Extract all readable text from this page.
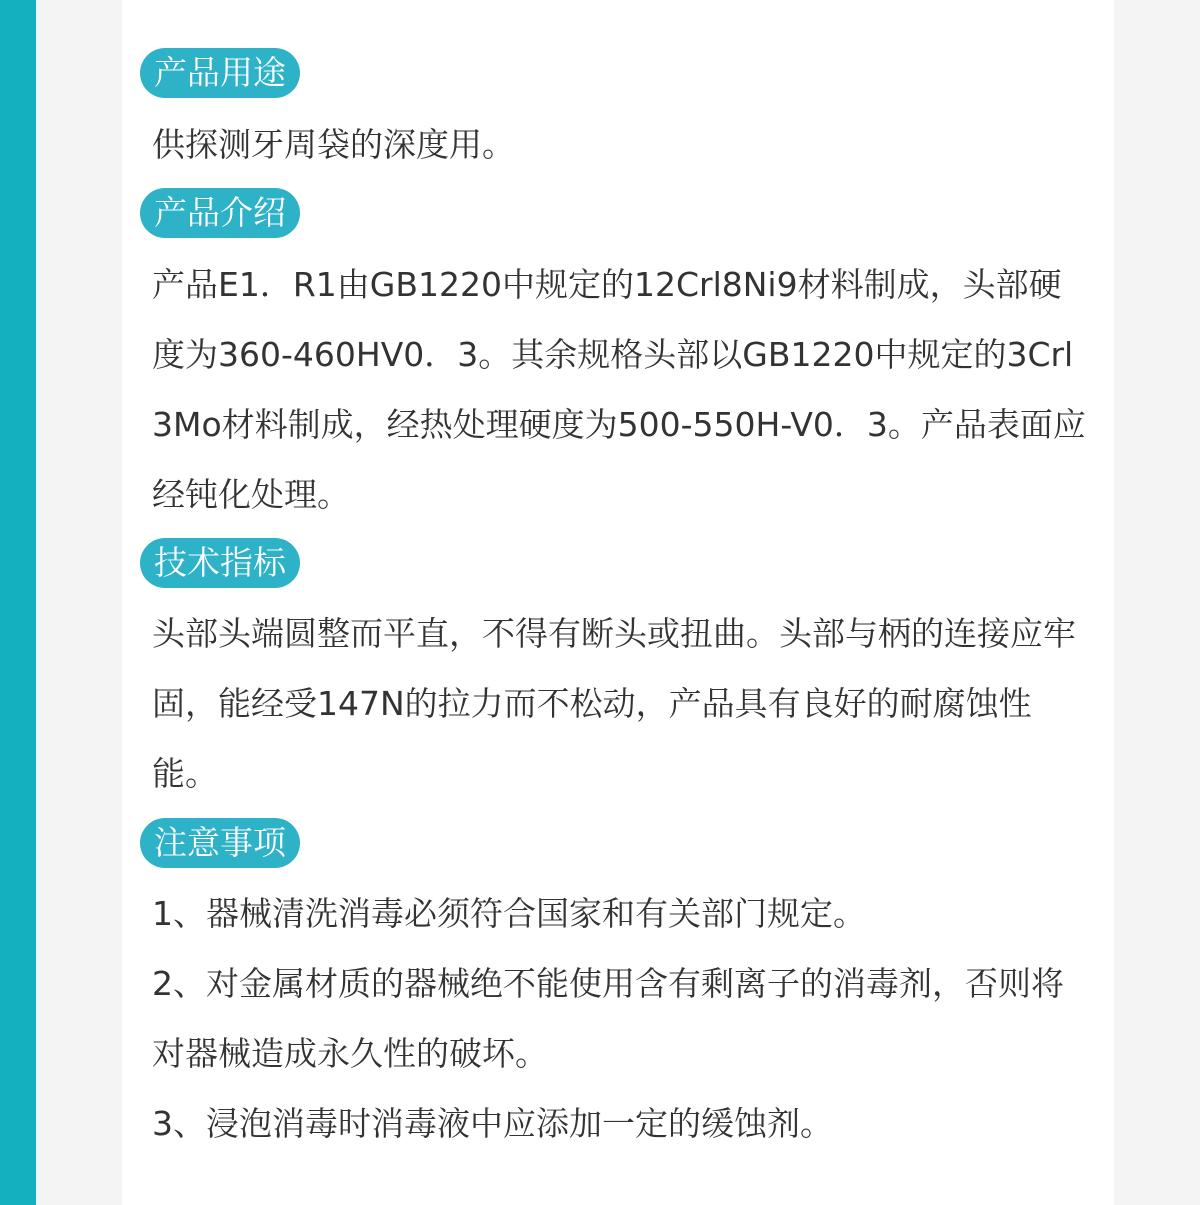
产品用途

供探测牙周袋的深度用。

产品介绍

产品E1．R1由GB1220中规定的12Crl8Ni9材料制成，头部硬度为360-460HV0．3。其余规格头部以GB1220中规定的3Crl3Mo材料制成，经热处理硬度为500-550H-V0．3。产品表面应经钝化处理。

技术指标

头部头端圆整而平直，不得有断头或扭曲。头部与柄的连接应牢固，能经受147N的拉力而不松动，产品具有良好的耐腐蚀性能。

注意事项

1、器械清洗消毒必须符合国家和有关部门规定。

2、对金属材质的器械绝不能使用含有剩离子的消毒剂，否则将对器械造成永久性的破坏。

3、浸泡消毒时消毒液中应添加一定的缓蚀剂。
